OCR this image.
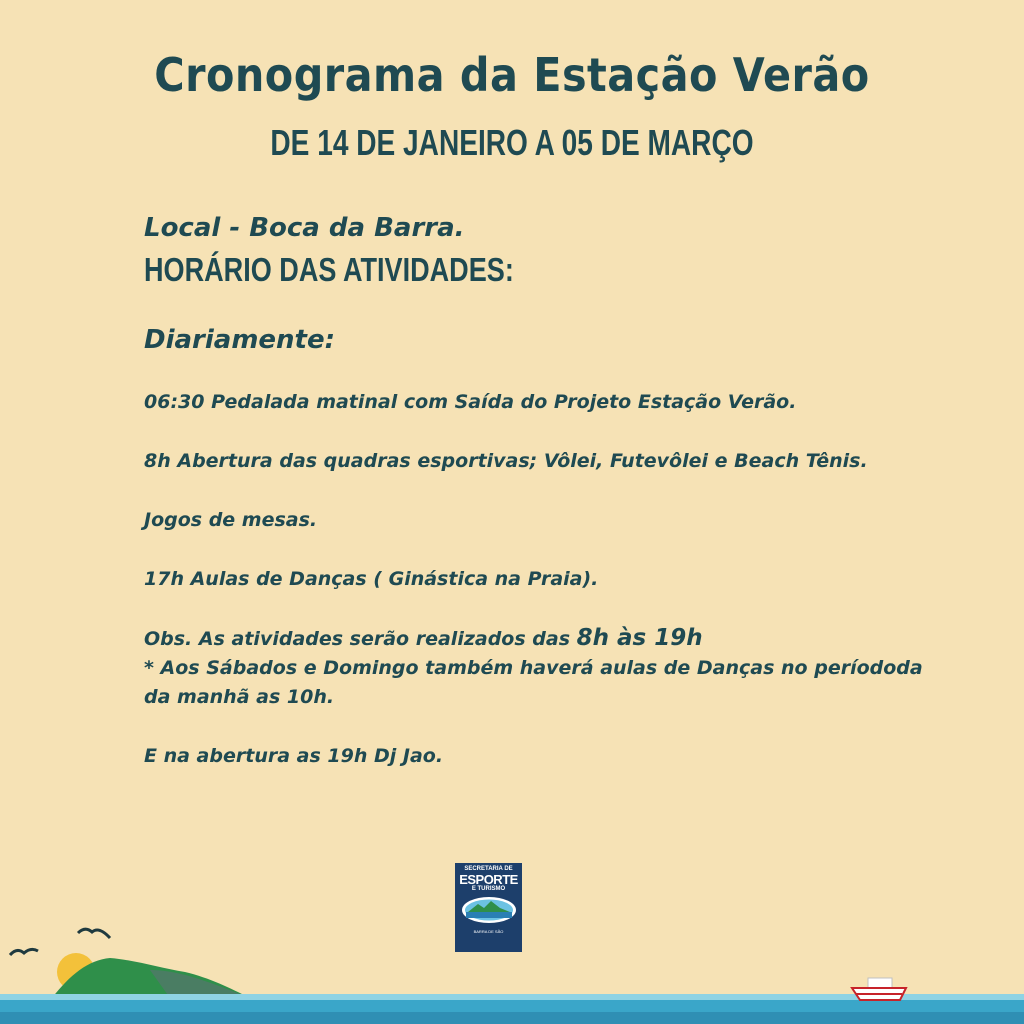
Cronograma da Estação Verão
DE 14 DE JANEIRO A 05 DE MARÇO

Local - Boca da Barra.

HORÁRIO DAS ATIVIDADES:

Diariamente:

06:30 Pedalada matinal com Saída do Projeto Estação Verão.

8h Abertura das quadras esportivas; Vôlei, Futevôlei e Beach Tênis.

Jogos de mesas.

17h Aulas de Danças ( Ginástica na Praia).

Obs. As atividades serão realizados das 8h às 19h
* Aos Sábados e Domingo também haverá aulas de Danças no períododa da manhã as 10h.

E na abertura as 19h Dj Jao.

SECRETARIA DE
ESPORTE
E TURISMO
BARRA DE SÃO
